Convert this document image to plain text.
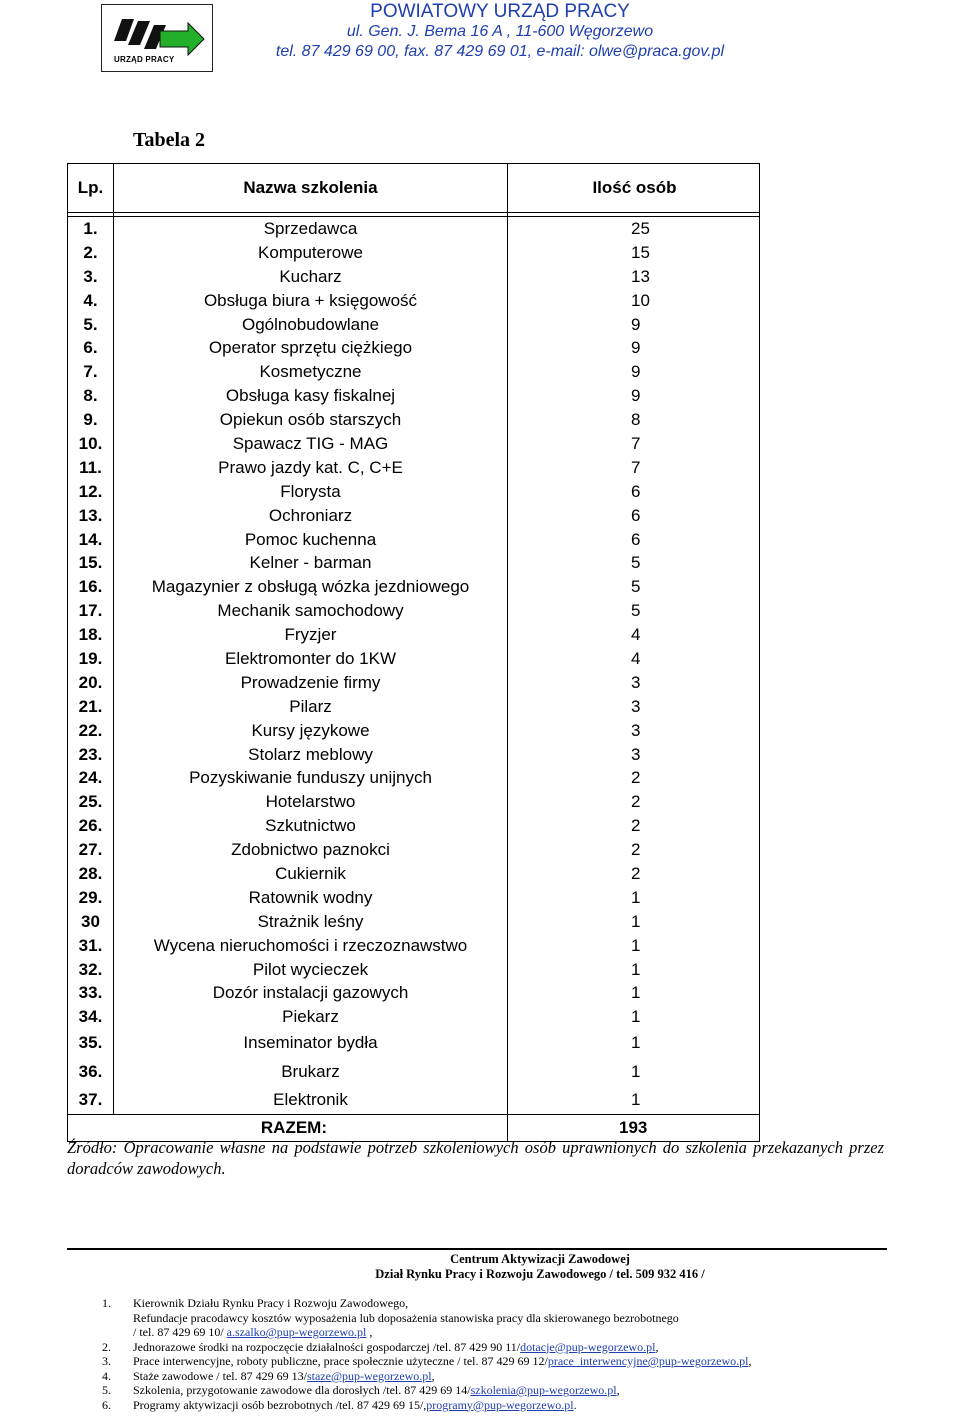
URZĄD PRACY
POWIATOWY URZĄD PRACY
ul. Gen. J. Bema 16 A , 11-600 Węgorzewo
tel. 87 429 69 00, fax. 87 429 69 01, e-mail: olwe@praca.gov.pl
Tabela 2
Lp.	Nazwa szkolenia	Ilość osób
1.	Sprzedawca	25
2.	Komputerowe	15
3.	Kucharz	13
4.	Obsługa biura + księgowość	10
5.	Ogólnobudowlane	9
6.	Operator sprzętu ciężkiego	9
7.	Kosmetyczne	9
8.	Obsługa kasy fiskalnej	9
9.	Opiekun osób starszych	8
10.	Spawacz TIG - MAG	7
11.	Prawo jazdy kat. C, C+E	7
12.	Florysta	6
13.	Ochroniarz	6
14.	Pomoc kuchenna	6
15.	Kelner - barman	5
16.	Magazynier z obsługą wózka jezdniowego	5
17.	Mechanik samochodowy	5
18.	Fryzjer	4
19.	Elektromonter do 1KW	4
20.	Prowadzenie firmy	3
21.	Pilarz	3
22.	Kursy językowe	3
23.	Stolarz meblowy	3
24.	Pozyskiwanie funduszy unijnych	2
25.	Hotelarstwo	2
26.	Szkutnictwo	2
27.	Zdobnictwo paznokci	2
28.	Cukiernik	2
29.	Ratownik wodny	1
30	Strażnik leśny	1
31.	Wycena nieruchomości i rzeczoznawstwo	1
32.	Pilot wycieczek	1
33.	Dozór instalacji gazowych	1
34.	Piekarz	1
35.	Inseminator bydła	1
36.	Brukarz	1
37.	Elektronik	1
RAZEM:	193
Źródło: Opracowanie własne na podstawie potrzeb szkoleniowych osób uprawnionych do szkolenia przekazanych przez doradców zawodowych.
Centrum Aktywizacji Zawodowej
Dział Rynku Pracy i Rozwoju Zawodowego / tel. 509 932 416 /
1.	Kierownik Działu Rynku Pracy i Rozwoju Zawodowego,
Refundacje pracodawcy kosztów wyposażenia lub doposażenia stanowiska pracy dla skierowanego bezrobotnego
/ tel. 87 429 69 10/ a.szalko@pup-wegorzewo.pl ,
2.	Jednorazowe środki na rozpoczęcie działalności gospodarczej /tel. 87 429 90 11/ dotacje@pup-wegorzewo.pl ,
3.	Prace interwencyjne, roboty publiczne, prace społecznie użyteczne / tel. 87 429 69 12/ prace_interwencyjne@pup-wegorzewo.pl ,
4.	Staże zawodowe / tel. 87 429 69 13/ staze@pup-wegorzewo.pl ,
5.	Szkolenia, przygotowanie zawodowe dla dorosłych /tel. 87 429 69 14/ szkolenia@pup-wegorzewo.pl ,
6.	Programy aktywizacji osób bezrobotnych /tel. 87 429 69 15/, programy@pup-wegorzewo.pl .
